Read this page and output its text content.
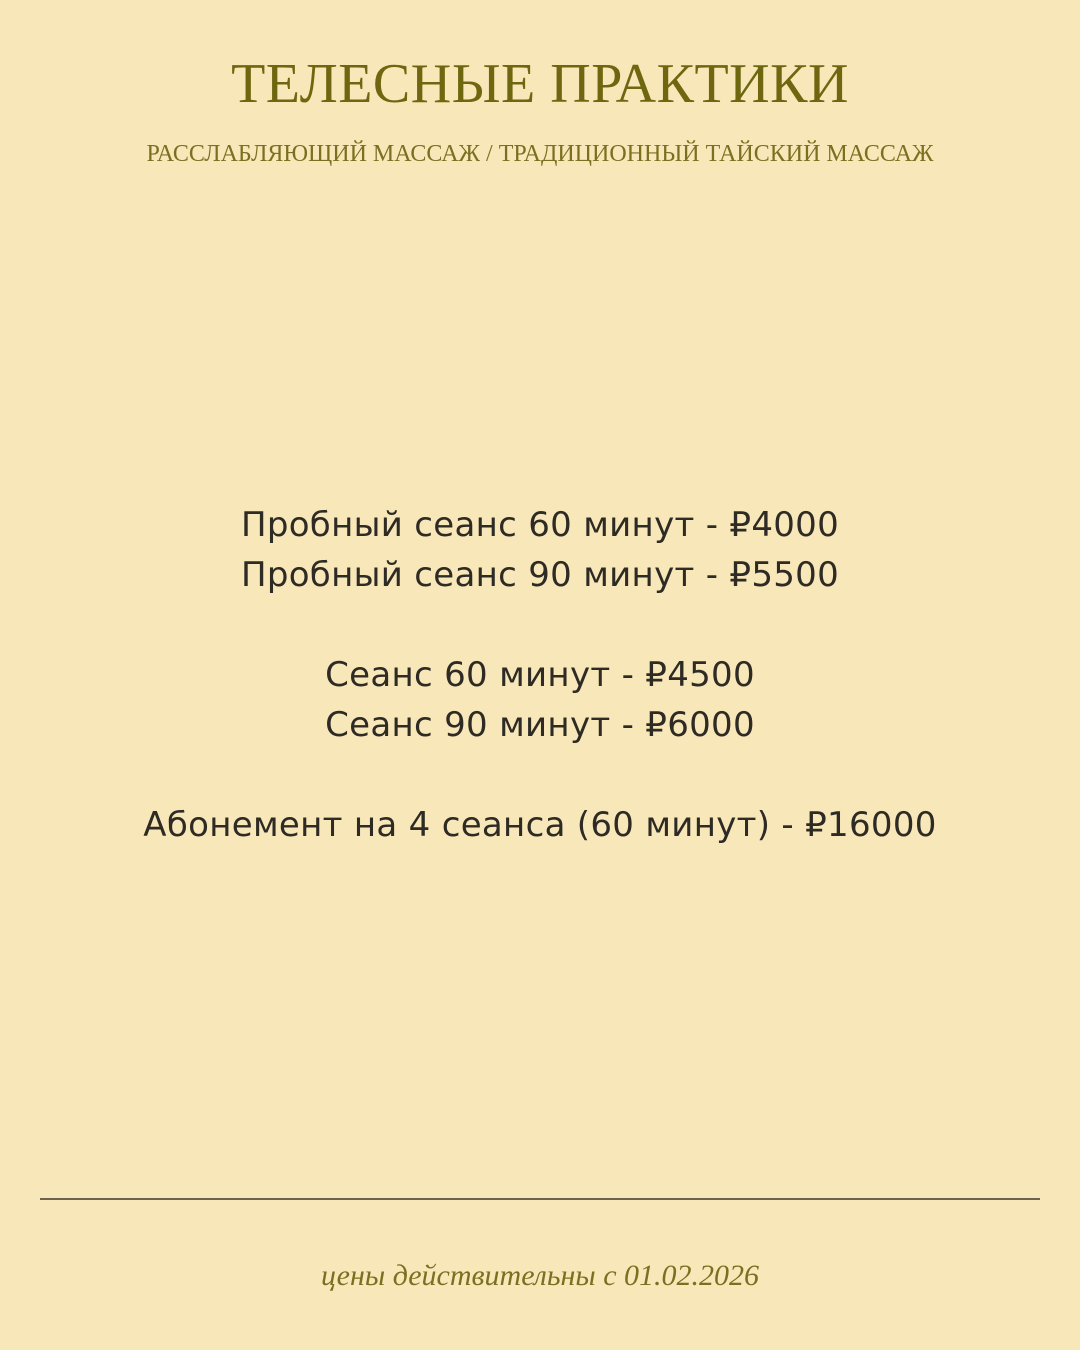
ТЕЛЕСНЫЕ ПРАКТИКИ
РАССЛАБЛЯЮЩИЙ МАССАЖ / ТРАДИЦИОННЫЙ ТАЙСКИЙ МАССАЖ
Пробный сеанс 60 минут - ₽4000
Пробный сеанс 90 минут - ₽5500
Сеанс 60 минут - ₽4500
Сеанс 90 минут - ₽6000
Абонемент на 4 сеанса (60 минут) - ₽16000
цены действительны с 01.02.2026
